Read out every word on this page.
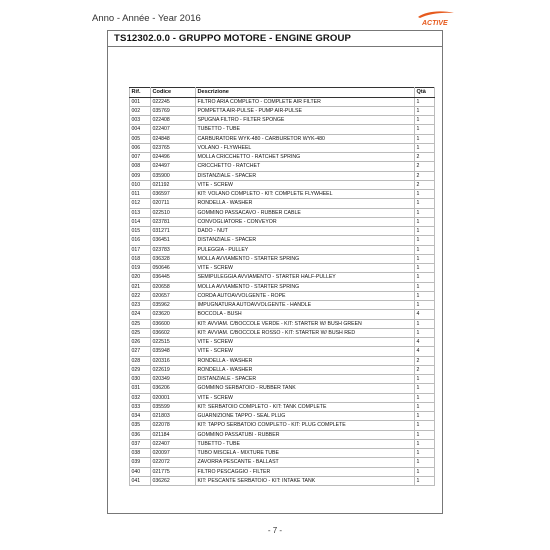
Anno - Année - Year 2016	ACTIVE
TS12302.0.0 - GRUPPO MOTORE - ENGINE GROUP
Rif.	Codice	Descrizione	Qtà
001	022245	FILTRO ARIA COMPLETO - COMPLETE AIR FILTER	1
002	035769	POMPETTA AIR-PULSE - PUMP AIR-PULSE	1
003	022408	SPUGNA FILTRO - FILTER SPONGE	1
004	022407	TUBETTO - TUBE	1
005	024848	CARBURATORE WYK-480 - CARBURETOR WYK-480	1
006	023765	VOLANO - FLYWHEEL	1
007	024496	MOLLA CRICCHETTO - RATCHET SPRING	2
008	024497	CRICCHETTO - RATCHET	2
009	035900	DISTANZIALE - SPACER	2
010	021192	VITE - SCREW	2
011	036597	KIT: VOLANO COMPLETO - KIT: COMPLETE FLYWHEEL	1
012	020711	RONDELLA - WASHER	1
013	022510	GOMMINO PASSACAVO - RUBBER CABLE	1
014	023781	CONVOGLIATORE - CONVEYOR	1
015	031271	DADO - NUT	1
016	036451	DISTANZIALE - SPACER	1
017	023783	PULEGGIA - PULLEY	1
018	036328	MOLLA AVVIAMENTO - STARTER SPRING	1
019	050646	VITE - SCREW	1
020	036445	SEMIPULEGGIA AVVIAMENTO - STARTER HALF-PULLEY	1
021	020658	MOLLA AVVIAMENTO - STARTER SPRING	1
022	020657	CORDA AUTOAVVOLGENTE - ROPE	1
023	035962	IMPUGNATURA AUTOAVVOLGENTE - HANDLE	1
024	023620	BOCCOLA - BUSH	4
025	036600	KIT: AVVIAM. C/BOCCOLE VERDE - KIT: STARTER W/ BUSH GREEN	1
025	036602	KIT: AVVIAM. C/BOCCOLE ROSSO - KIT: STARTER W/ BUSH RED	1
026	022515	VITE - SCREW	4
027	035948	VITE - SCREW	4
028	020316	RONDELLA - WASHER	2
029	022619	RONDELLA - WASHER	2
030	020349	DISTANZIALE - SPACER	1
031	036206	GOMMINO SERBATOIO - RUBBER TANK	1
032	020001	VITE - SCREW	1
033	035599	KIT: SERBATOIO COMPLETO - KIT: TANK COMPLETE	1
034	021803	GUARNIZIONE TAPPO - SEAL PLUG	1
035	022078	KIT: TAPPO SERBATOIO COMPLETO - KIT: PLUG COMPLETE	1
036	021184	GOMMINO PASSATUBI - RUBBER	1
037	022407	TUBETTO - TUBE	1
038	020097	TUBO MISCELA - MIXTURE TUBE	1
039	022072	ZAVORRA PESCANTE - BALLAST	1
040	021775	FILTRO PESCAGGIO - FILTER	1
041	036262	KIT: PESCANTE SERBATOIO - KIT: INTAKE TANK	1
- 7 -
